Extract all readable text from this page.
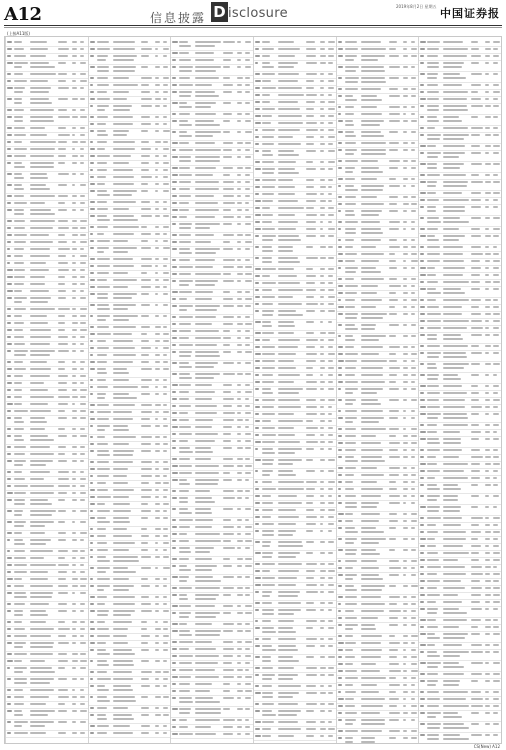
A12	信息披露 D isclosure	2019年8月2日 星期五
中国证券报
(上接A11版)
CS(New) A12
